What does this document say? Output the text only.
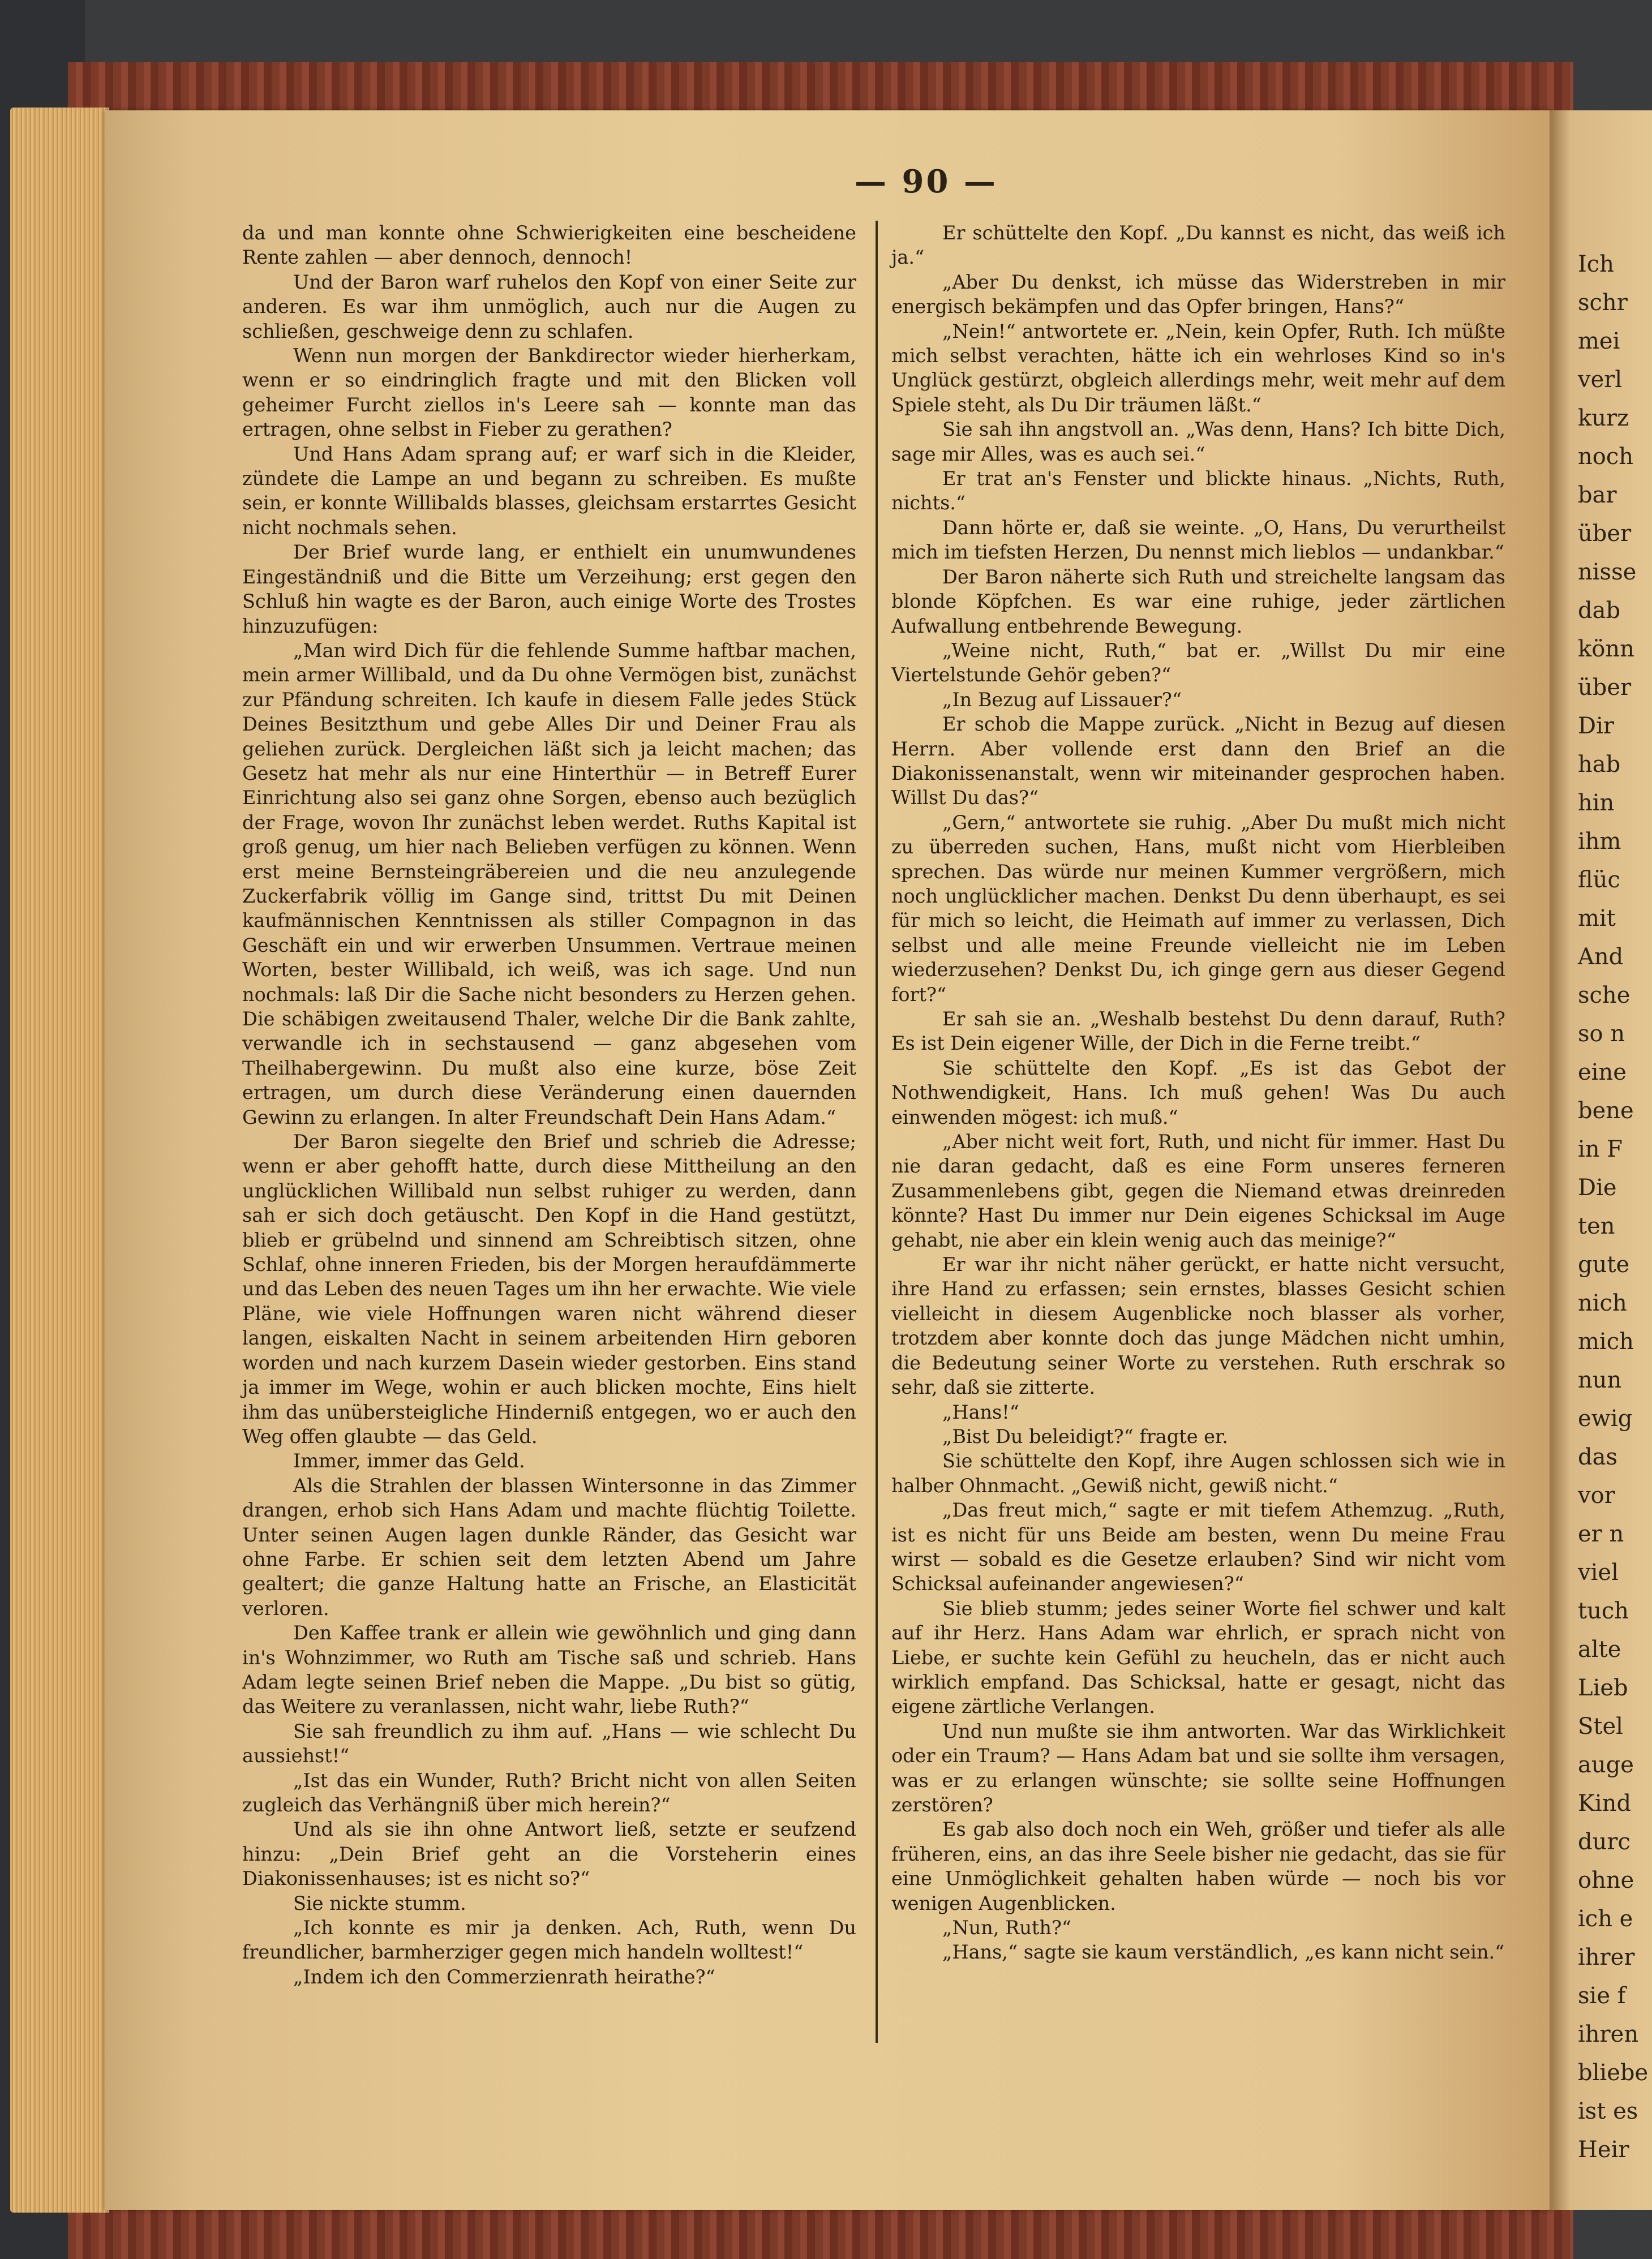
Ich
schr
mei
verl
kurz
noch
bar
über
nisse
dab
könn
über
Dir
hab
hin
ihm
flüc
mit
And
sche
so n
eine
bene
in F
Die
ten
gute
nich
mich
nun
ewig
das
vor
er n
viel
tuch
alte
Lieb
Stel
auge
Kind
durc
ohne
ich e
ihrer
sie f
ihren
bliebe
ist es
Heir
— 90 —

da und man konnte ohne Schwierigkeiten eine bescheidene Rente zahlen — aber dennoch, dennoch!

Und der Baron warf ruhelos den Kopf von einer Seite zur anderen. Es war ihm unmöglich, auch nur die Augen zu schließen, geschweige denn zu schlafen.

Wenn nun morgen der Bankdirector wieder hierherkam, wenn er so eindringlich fragte und mit den Blicken voll geheimer Furcht ziellos in's Leere sah — konnte man das ertragen, ohne selbst in Fieber zu gerathen?

Und Hans Adam sprang auf; er warf sich in die Kleider, zündete die Lampe an und begann zu schreiben. Es mußte sein, er konnte Willibalds blasses, gleichsam erstarrtes Gesicht nicht nochmals sehen.

Der Brief wurde lang, er enthielt ein unumwundenes Eingeständniß und die Bitte um Verzeihung; erst gegen den Schluß hin wagte es der Baron, auch einige Worte des Trostes hinzuzufügen:

„Man wird Dich für die fehlende Summe haftbar machen, mein armer Willibald, und da Du ohne Vermögen bist, zunächst zur Pfändung schreiten. Ich kaufe in diesem Falle jedes Stück Deines Besitzthum und gebe Alles Dir und Deiner Frau als geliehen zurück. Dergleichen läßt sich ja leicht machen; das Gesetz hat mehr als nur eine Hinterthür — in Betreff Eurer Einrichtung also sei ganz ohne Sorgen, ebenso auch bezüglich der Frage, wovon Ihr zunächst leben werdet. Ruths Kapital ist groß genug, um hier nach Belieben verfügen zu können. Wenn erst meine Bernsteingräbereien und die neu anzulegende Zuckerfabrik völlig im Gange sind, trittst Du mit Deinen kaufmännischen Kenntnissen als stiller Compagnon in das Geschäft ein und wir erwerben Unsummen. Vertraue meinen Worten, bester Willibald, ich weiß, was ich sage. Und nun nochmals: laß Dir die Sache nicht besonders zu Herzen gehen. Die schäbigen zweitausend Thaler, welche Dir die Bank zahlte, verwandle ich in sechstausend — ganz abgesehen vom Theilhabergewinn. Du mußt also eine kurze, böse Zeit ertragen, um durch diese Veränderung einen dauernden Gewinn zu erlangen. In alter Freundschaft Dein Hans Adam.“

Der Baron siegelte den Brief und schrieb die Adresse; wenn er aber gehofft hatte, durch diese Mittheilung an den unglücklichen Willibald nun selbst ruhiger zu werden, dann sah er sich doch getäuscht. Den Kopf in die Hand gestützt, blieb er grübelnd und sinnend am Schreibtisch sitzen, ohne Schlaf, ohne inneren Frieden, bis der Morgen heraufdämmerte und das Leben des neuen Tages um ihn her erwachte. Wie viele Pläne, wie viele Hoffnungen waren nicht während dieser langen, eiskalten Nacht in seinem arbeitenden Hirn geboren worden und nach kurzem Dasein wieder gestorben. Eins stand ja immer im Wege, wohin er auch blicken mochte, Eins hielt ihm das unübersteigliche Hinderniß entgegen, wo er auch den Weg offen glaubte — das Geld.

Immer, immer das Geld.

Als die Strahlen der blassen Wintersonne in das Zimmer drangen, erhob sich Hans Adam und machte flüchtig Toilette. Unter seinen Augen lagen dunkle Ränder, das Gesicht war ohne Farbe. Er schien seit dem letzten Abend um Jahre gealtert; die ganze Haltung hatte an Frische, an Elasticität verloren.

Den Kaffee trank er allein wie gewöhnlich und ging dann in's Wohnzimmer, wo Ruth am Tische saß und schrieb. Hans Adam legte seinen Brief neben die Mappe. „Du bist so gütig, das Weitere zu veranlassen, nicht wahr, liebe Ruth?“

Sie sah freundlich zu ihm auf. „Hans — wie schlecht Du aussiehst!“

„Ist das ein Wunder, Ruth? Bricht nicht von allen Seiten zugleich das Verhängniß über mich herein?“

Und als sie ihn ohne Antwort ließ, setzte er seufzend hinzu: „Dein Brief geht an die Vorsteherin eines Diakonissenhauses; ist es nicht so?“

Sie nickte stumm.

„Ich konnte es mir ja denken. Ach, Ruth, wenn Du freundlicher, barmherziger gegen mich handeln wolltest!“

„Indem ich den Commerzienrath heirathe?“

Er schüttelte den Kopf. „Du kannst es nicht, das weiß ich ja.“

„Aber Du denkst, ich müsse das Widerstreben in mir energisch bekämpfen und das Opfer bringen, Hans?“

„Nein!“ antwortete er. „Nein, kein Opfer, Ruth. Ich müßte mich selbst verachten, hätte ich ein wehrloses Kind so in's Unglück gestürzt, obgleich allerdings mehr, weit mehr auf dem Spiele steht, als Du Dir träumen läßt.“

Sie sah ihn angstvoll an. „Was denn, Hans? Ich bitte Dich, sage mir Alles, was es auch sei.“

Er trat an's Fenster und blickte hinaus. „Nichts, Ruth, nichts.“

Dann hörte er, daß sie weinte. „O, Hans, Du verurtheilst mich im tiefsten Herzen, Du nennst mich lieblos — undankbar.“

Der Baron näherte sich Ruth und streichelte langsam das blonde Köpfchen. Es war eine ruhige, jeder zärtlichen Aufwallung entbehrende Bewegung.

„Weine nicht, Ruth,“ bat er. „Willst Du mir eine Viertelstunde Gehör geben?“

„In Bezug auf Lissauer?“

Er schob die Mappe zurück. „Nicht in Bezug auf diesen Herrn. Aber vollende erst dann den Brief an die Diakonissenanstalt, wenn wir miteinander gesprochen haben. Willst Du das?“

„Gern,“ antwortete sie ruhig. „Aber Du mußt mich nicht zu überreden suchen, Hans, mußt nicht vom Hierbleiben sprechen. Das würde nur meinen Kummer vergrößern, mich noch unglücklicher machen. Denkst Du denn überhaupt, es sei für mich so leicht, die Heimath auf immer zu verlassen, Dich selbst und alle meine Freunde vielleicht nie im Leben wiederzusehen? Denkst Du, ich ginge gern aus dieser Gegend fort?“

Er sah sie an. „Weshalb bestehst Du denn darauf, Ruth? Es ist Dein eigener Wille, der Dich in die Ferne treibt.“

Sie schüttelte den Kopf. „Es ist das Gebot der Nothwendigkeit, Hans. Ich muß gehen! Was Du auch einwenden mögest: ich muß.“

„Aber nicht weit fort, Ruth, und nicht für immer. Hast Du nie daran gedacht, daß es eine Form unseres ferneren Zusammenlebens gibt, gegen die Niemand etwas dreinreden könnte? Hast Du immer nur Dein eigenes Schicksal im Auge gehabt, nie aber ein klein wenig auch das meinige?“

Er war ihr nicht näher gerückt, er hatte nicht versucht, ihre Hand zu erfassen; sein ernstes, blasses Gesicht schien vielleicht in diesem Augenblicke noch blasser als vorher, trotzdem aber konnte doch das junge Mädchen nicht umhin, die Bedeutung seiner Worte zu verstehen. Ruth erschrak so sehr, daß sie zitterte.

„Hans!“

„Bist Du beleidigt?“ fragte er.

Sie schüttelte den Kopf, ihre Augen schlossen sich wie in halber Ohnmacht. „Gewiß nicht, gewiß nicht.“

„Das freut mich,“ sagte er mit tiefem Athemzug. „Ruth, ist es nicht für uns Beide am besten, wenn Du meine Frau wirst — sobald es die Gesetze erlauben? Sind wir nicht vom Schicksal aufeinander angewiesen?“

Sie blieb stumm; jedes seiner Worte fiel schwer und kalt auf ihr Herz. Hans Adam war ehrlich, er sprach nicht von Liebe, er suchte kein Gefühl zu heucheln, das er nicht auch wirklich empfand. Das Schicksal, hatte er gesagt, nicht das eigene zärtliche Verlangen.

Und nun mußte sie ihm antworten. War das Wirklichkeit oder ein Traum? — Hans Adam bat und sie sollte ihm versagen, was er zu erlangen wünschte; sie sollte seine Hoffnungen zerstören?

Es gab also doch noch ein Weh, größer und tiefer als alle früheren, eins, an das ihre Seele bisher nie gedacht, das sie für eine Unmöglichkeit gehalten haben würde — noch bis vor wenigen Augenblicken.

„Nun, Ruth?“

„Hans,“ sagte sie kaum verständlich, „es kann nicht sein.“
